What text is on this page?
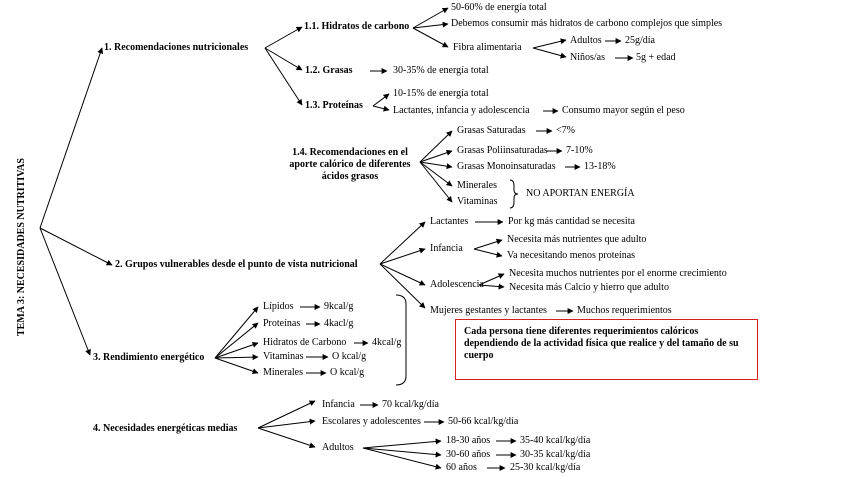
TEMA 3: NECESIDADES NUTRITIVAS
1. Recomendaciones nutricionales
1.1. Hidratos de carbono
50-60% de energía total
Debemos consumir más hidratos de carbono complejos que simples
Fibra alimentaria
Adultos 25g/día
Niños/as	5g + edad
1.2. Grasas	30-35% de energía total
1.3. Proteínas
10-15% de energía total
Lactantes, infancia y adolescencia	Consumo mayor según el peso
1.4. Recomendaciones en el
aporte calórico de diferentes
ácidos grasos
Grasas Saturadas	<7%
Grasas Poliinsaturadas 7-10%
Grasas Monoinsaturadas	13-18%
Minerales
Vitaminas
NO APORTAN ENERGÍA
2. Grupos vulnerables desde el punto de vista nutricional
Lactantes	Por kg más cantidad se necesita
Infancia
Necesita más nutrientes que adulto
Va necesitando menos proteínas
Adolescencia
Necesita muchos nutrientes por el enorme crecimiento
Necesita más Calcio y hierro que adulto
Mujeres gestantes y lactantes	Muchos requerimientos
3. Rendimiento energético
Lípidos	9kcal/g
Proteínas 4kacl/g
Hidratos de Carbono	4kcal/g
Vitaminas	O kcal/g
Minerales	O kcal/g
Cada persona tiene diferentes requerimientos calóricos dependiendo de la actividad física que realice y del tamaño de su cuerpo
4. Necesidades energéticas medias
Infancia	70 kcal/kg/día
Escolares y adolescentes	50-66 kcal/kg/día
Adultos
18-30 años	35-40 kcal/kg/día
30-60 años	30-35 kcal/kg/día
60 años	25-30 kcal/kg/día
